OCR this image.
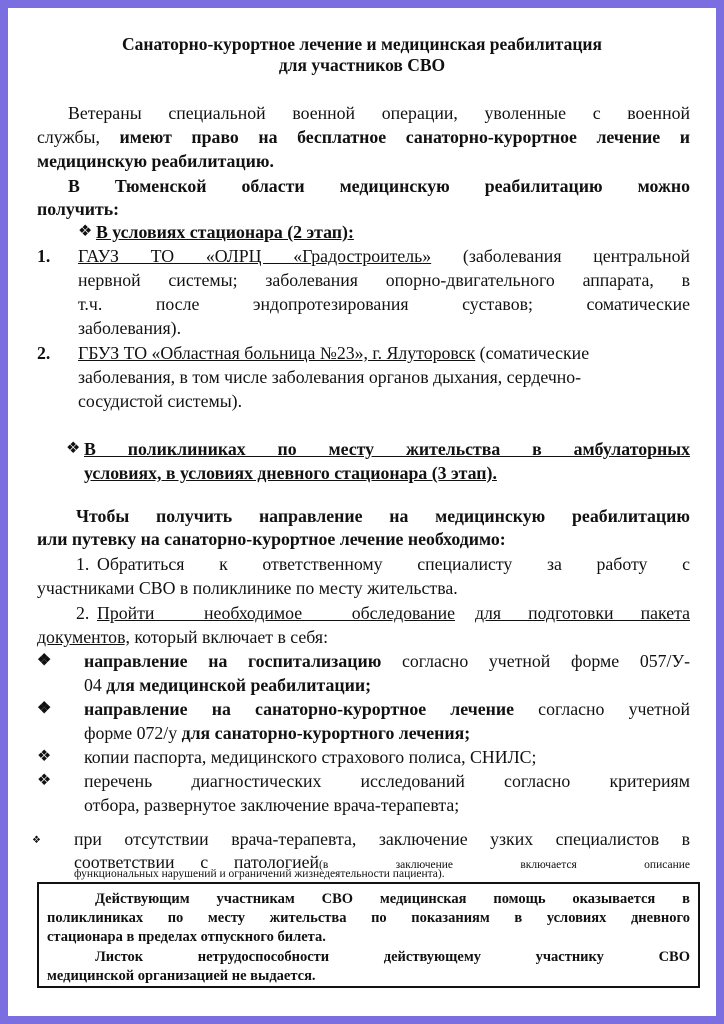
Санаторно-курортное лечение и медицинская реабилитация
для участников СВО
Ветераны специальной военной операции, уволенные с военной
службы, имеют право на бесплатное санаторно-курортное лечение и
медицинскую реабилитацию.
В Тюменской области медицинскую реабилитацию можно
получить:
❖ В условиях стационара (2 этап):
1. ГАУЗ ТО «ОЛРЦ «Градостроитель» (заболевания центральной
нервной системы; заболевания опорно-двигательного аппарата, в
т.ч. после эндопротезирования суставов; соматические
заболевания).
2. ГБУЗ ТО «Областная больница №23», г. Ялуторовск (соматические
заболевания, в том числе заболевания органов дыхания, сердечно-
сосудистой системы).
❖ В поликлиниках по месту жительства в амбулаторных
условиях, в условиях дневного стационара (3 этап).
Чтобы получить направление на медицинскую реабилитацию
или путевку на санаторно-курортное лечение необходимо:
1. Обратиться к ответственному специалисту за работу с
участниками СВО в поликлинике по месту жительства.
2. Пройти необходимое обследование для подготовки пакета
документов, который включает в себя:
❖ направление на госпитализацию согласно учетной форме 057/У-
04 для медицинской реабилитации;
❖ направление на санаторно-курортное лечение согласно учетной
форме 072/у для санаторно-курортного лечения;
❖ копии паспорта, медицинского страхового полиса, СНИЛС;
❖ перечень диагностических исследований согласно критериям
отбора, развернутое заключение врача-терапевта;
❖ при отсутствии врача-терапевта, заключение узких специалистов в
соответствии с патологией (в заключение включается описание
функциональных нарушений и ограничений жизнедеятельности пациента).
Действующим участникам СВО медицинская помощь оказывается в
поликлиниках по месту жительства по показаниям в условиях дневного
стационара в пределах отпускного билета.
Листок нетрудоспособности действующему участнику СВО
медицинской организацией не выдается.
